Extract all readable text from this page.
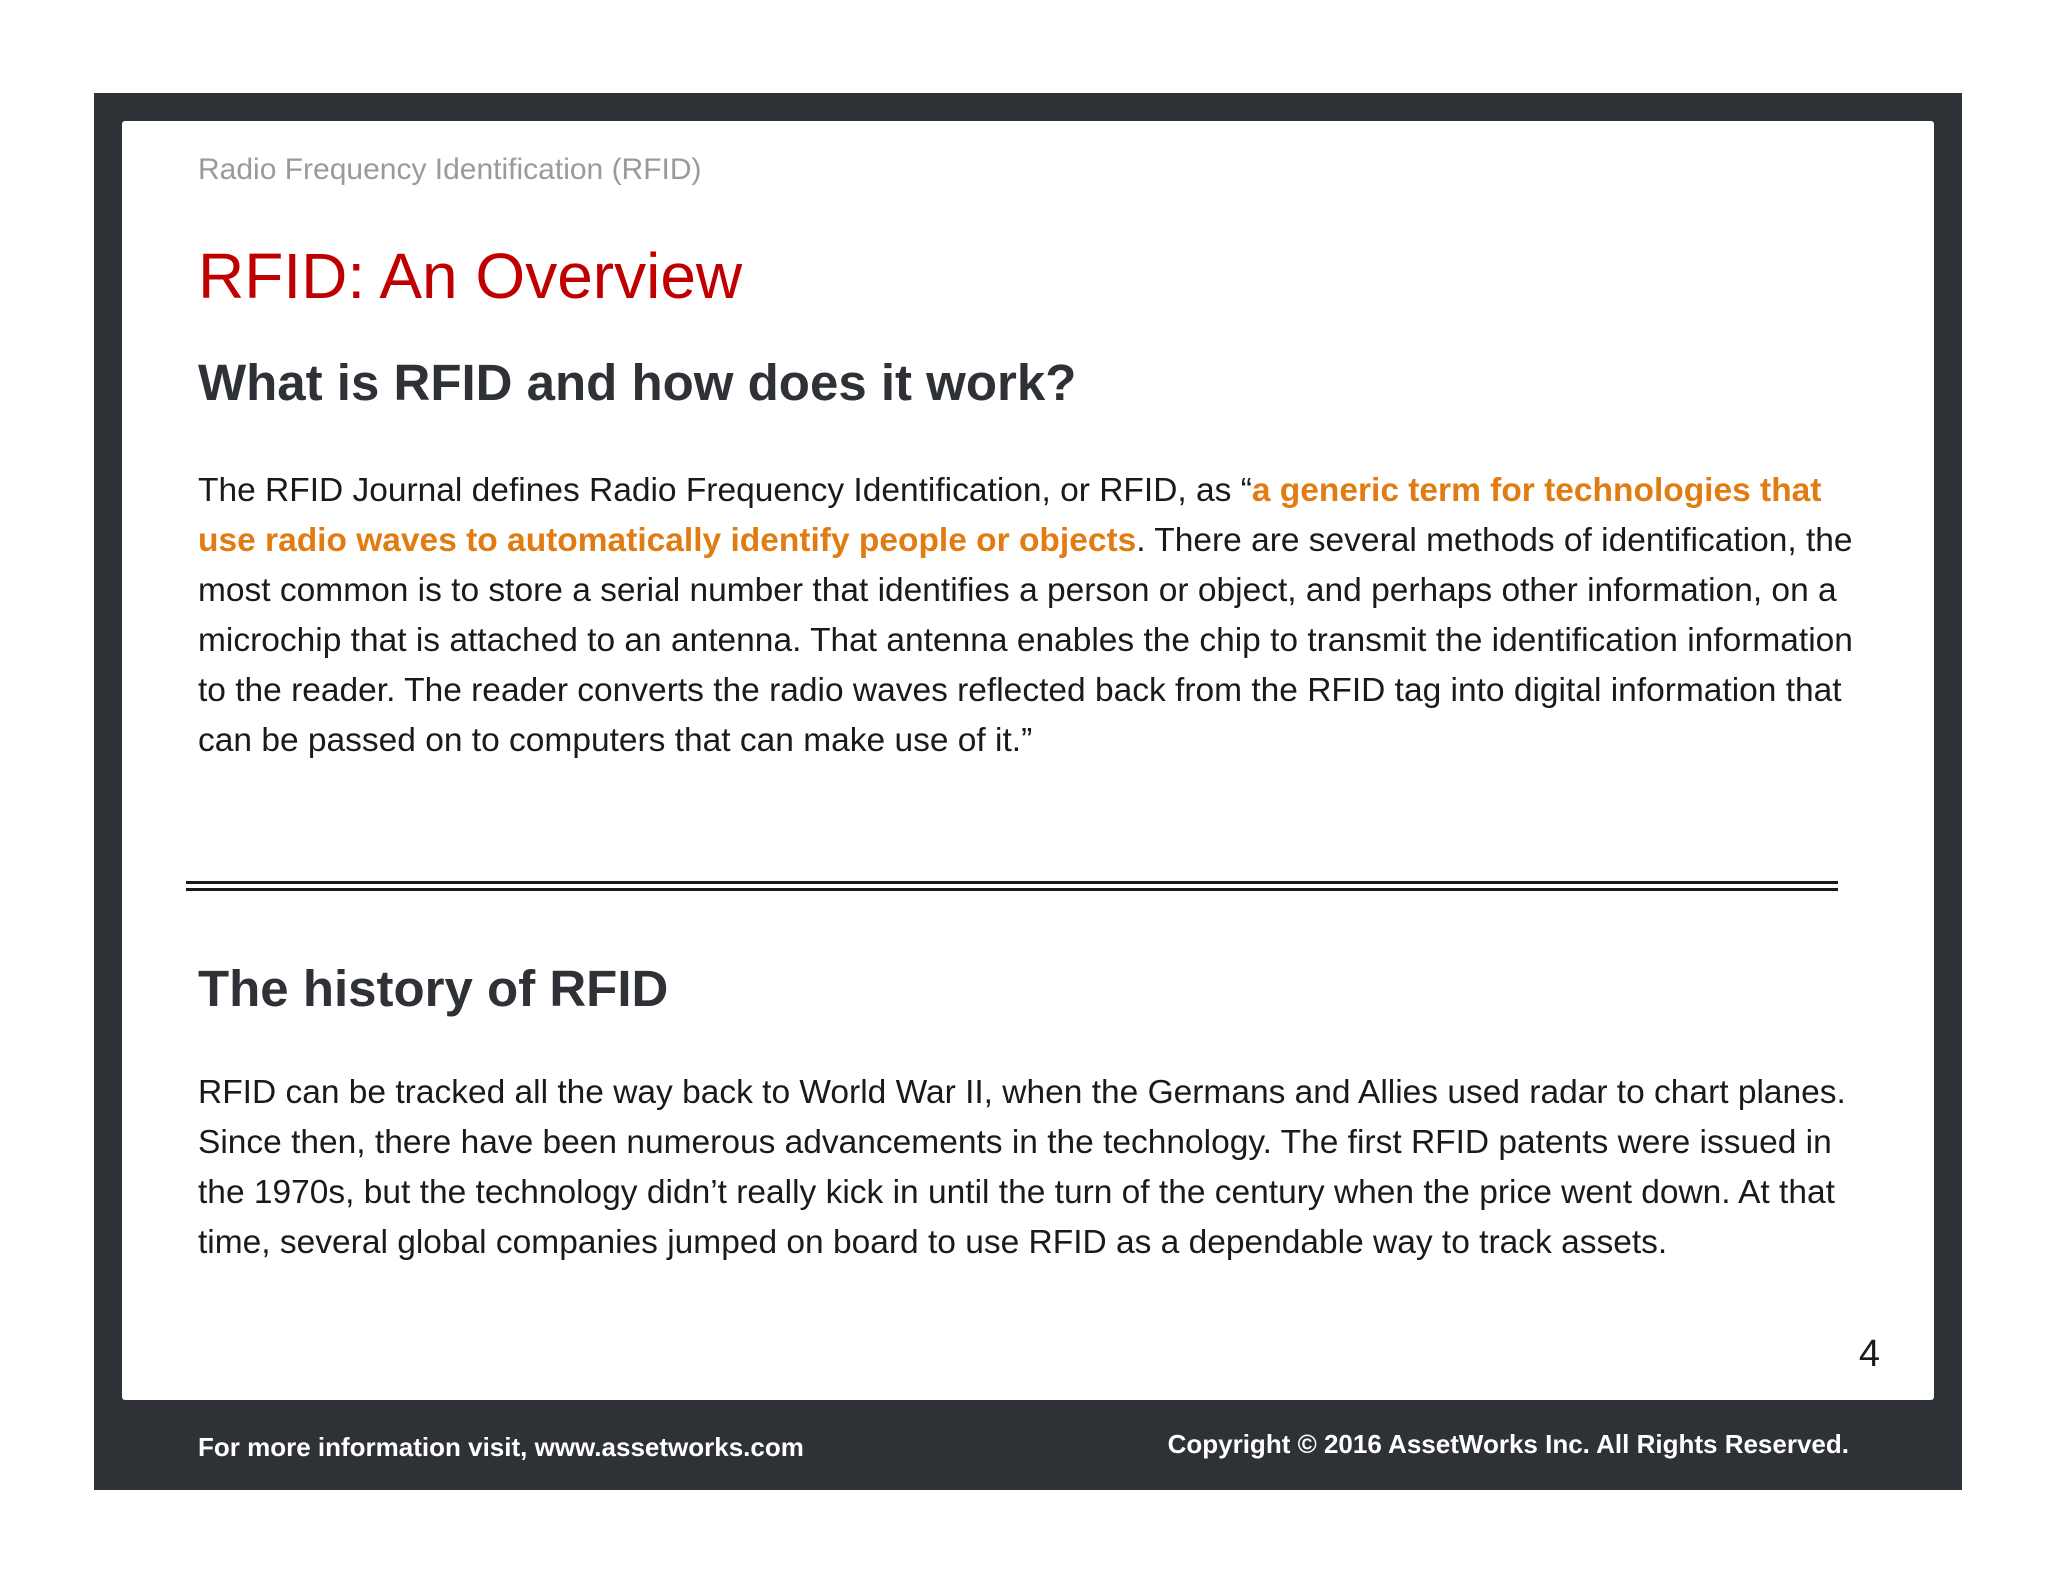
Radio Frequency Identification (RFID)
RFID: An Overview
What is RFID and how does it work?

The RFID Journal defines Radio Frequency Identification, or RFID, as “a generic term for technologies that use radio waves to automatically identify people or objects. There are several methods of identification, the most common is to store a serial number that identifies a person or object, and perhaps other information, on a microchip that is attached to an antenna. That antenna enables the chip to transmit the identification information to the reader. The reader converts the radio waves reflected back from the RFID tag into digital information that can be passed on to computers that can make use of it.”

The history of RFID

RFID can be tracked all the way back to World War II, when the Germans and Allies used radar to chart planes. Since then, there have been numerous advancements in the technology. The first RFID patents were issued in the 1970s, but the technology didn’t really kick in until the turn of the century when the price went down. At that time, several global companies jumped on board to use RFID as a dependable way to track assets.

4
For more information visit, www.assetworks.com	Copyright © 2016 AssetWorks Inc. All Rights Reserved.
